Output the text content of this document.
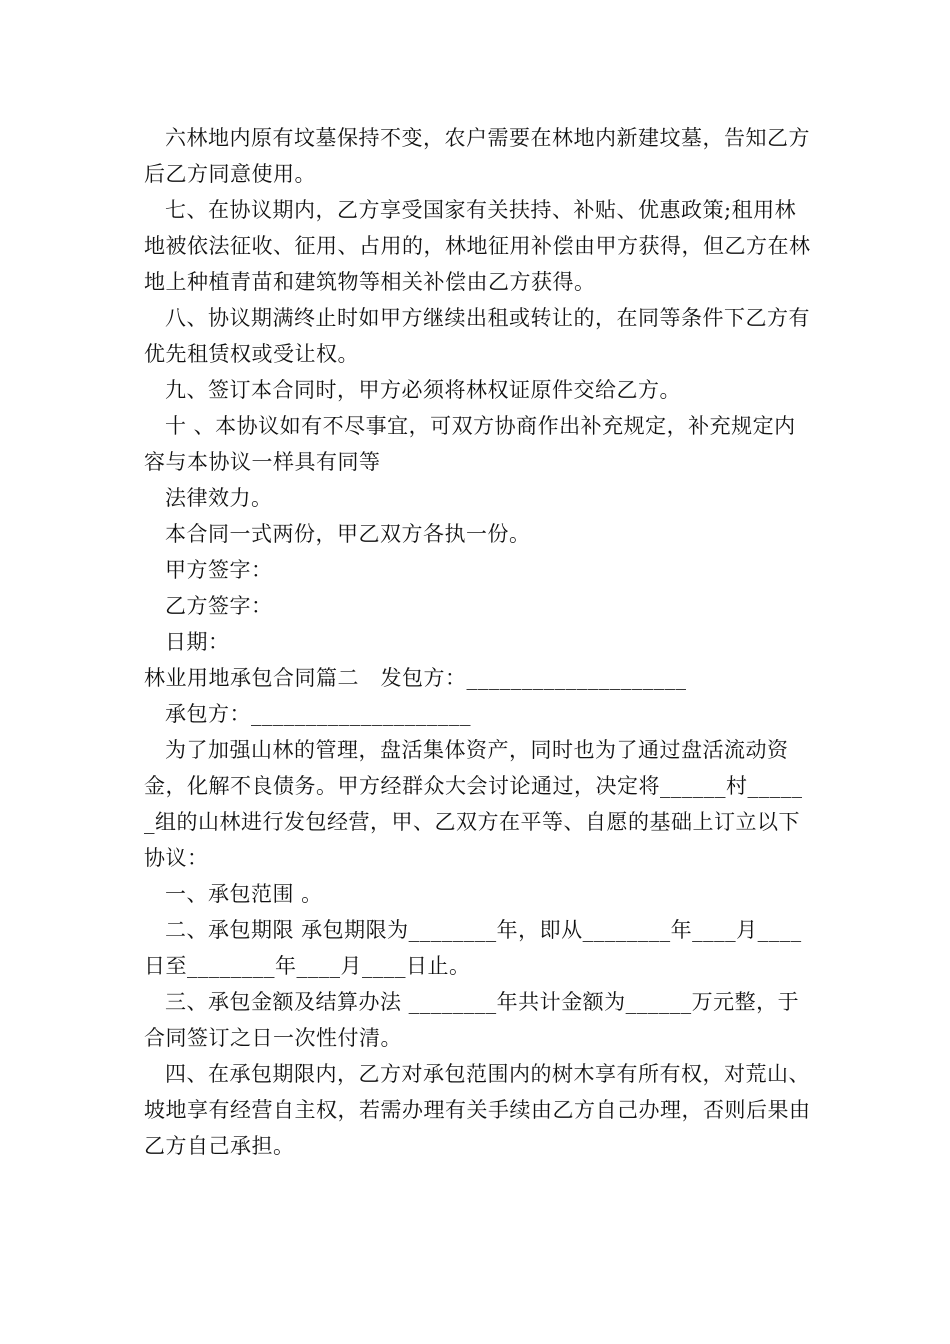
六林地内原有坟墓保持不变，农户需要在林地内新建坟墓，告知乙方后乙方同意使用。

七、在协议期内，乙方享受国家有关扶持、补贴、优惠政策;租用林地被依法征收、征用、占用的，林地征用补偿由甲方获得，但乙方在林地上种植青苗和建筑物等相关补偿由乙方获得。

八、协议期满终止时如甲方继续出租或转让的，在同等条件下乙方有优先租赁权或受让权。

九、签订本合同时，甲方必须将林权证原件交给乙方。

十 、本协议如有不尽事宜，可双方协商作出补充规定，补充规定内容与本协议一样具有同等

法律效力。

本合同一式两份，甲乙双方各执一份。

甲方签字：

乙方签字：

日期：

林业用地承包合同篇二　发包方：____________________

承包方：____________________

为了加强山林的管理，盘活集体资产，同时也为了通过盘活流动资金，化解不良债务。甲方经群众大会讨论通过，决定将______村______组的山林进行发包经营，甲、乙双方在平等、自愿的基础上订立以下协议：

一、承包范围 。

二、承包期限 承包期限为________年，即从________年____月____日至________年____月____日止。

三、承包金额及结算办法 ________年共计金额为______万元整，于合同签订之日一次性付清。

四、在承包期限内，乙方对承包范围内的树木享有所有权，对荒山、坡地享有经营自主权，若需办理有关手续由乙方自己办理，否则后果由乙方自己承担。
